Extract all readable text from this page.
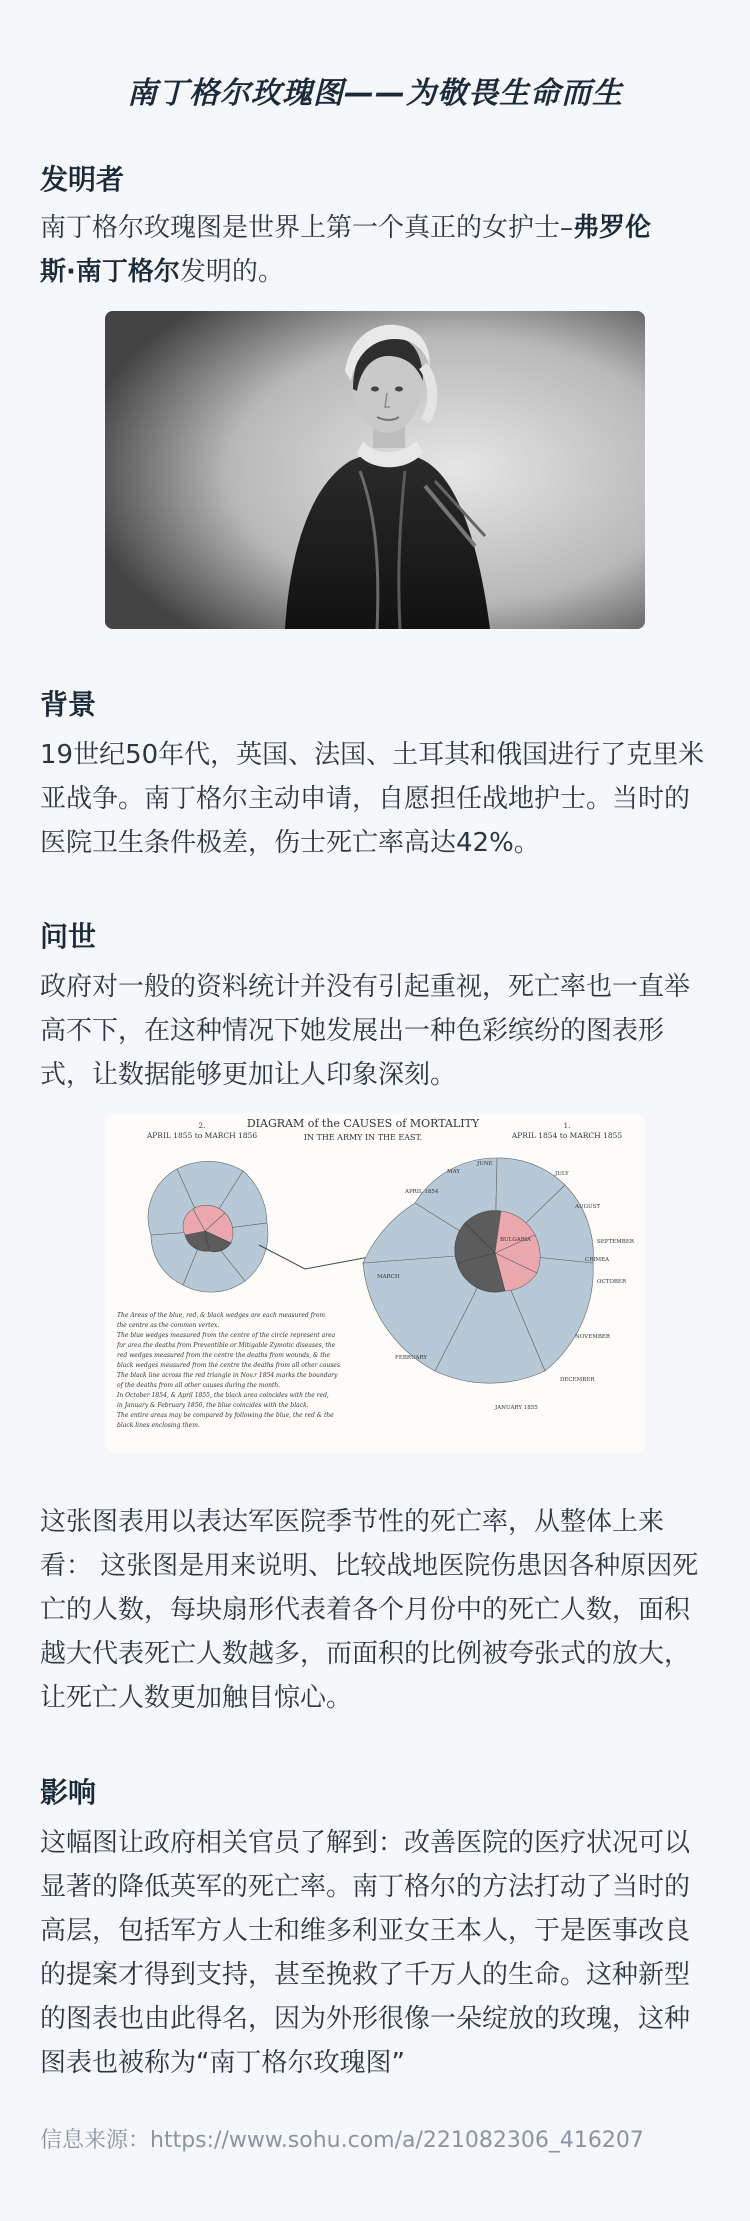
南丁格尔玫瑰图——为敬畏生命而生
发明者
南丁格尔玫瑰图是世界上第一个真正的女护士–弗罗伦
斯·南丁格尔发明的。
背景
19世纪50年代，英国、法国、土耳其和俄国进行了克里米亚战争。南丁格尔主动申请，自愿担任战地护士。当时的医院卫生条件极差，伤士死亡率高达42%。
问世
政府对一般的资料统计并没有引起重视，死亡率也一直举高不下，在这种情况下她发展出一种色彩缤纷的图表形式，让数据能够更加让人印象深刻。
DIAGRAM of the CAUSES of MORTALITY
IN THE ARMY IN THE EAST.
2.
APRIL 1855 to MARCH 1856
1.
APRIL 1854 to MARCH 1855
JULY
AUGUST
SEPTEMBER
OCTOBER
NOVEMBER
DECEMBER
JANUARY 1855
FEBRUARY
MARCH
APRIL 1854
MAY
JUNE
BULGARIA
CRIMEA
The Areas of the blue, red, & black wedges are each measured from
the centre as the common vertex.
The blue wedges measured from the centre of the circle represent area
for area the deaths from Preventible or Mitigable Zymotic diseases, the
red wedges measured from the centre the deaths from wounds, & the
black wedges measured from the centre the deaths from all other causes.
The black line across the red triangle in Nov.r 1854 marks the boundary
of the deaths from all other causes during the month.
In October 1854, & April 1855, the black area coincides with the red,
in January & February 1856, the blue coincides with the black.
The entire areas may be compared by following the blue, the red & the
black lines enclosing them.
这张图表用以表达军医院季节性的死亡率，从整体上来看： 这张图是用来说明、比较战地医院伤患因各种原因死亡的人数，每块扇形代表着各个月份中的死亡人数，面积越大代表死亡人数越多，而面积的比例被夸张式的放大，让死亡人数更加触目惊心。
影响
这幅图让政府相关官员了解到：改善医院的医疗状况可以显著的降低英军的死亡率。南丁格尔的方法打动了当时的高层，包括军方人士和维多利亚女王本人，于是医事改良的提案才得到支持，甚至挽救了千万人的生命。这种新型的图表也由此得名，因为外形很像一朵绽放的玫瑰，这种图表也被称为“南丁格尔玫瑰图”
信息来源：https://www.sohu.com/a/221082306_416207
